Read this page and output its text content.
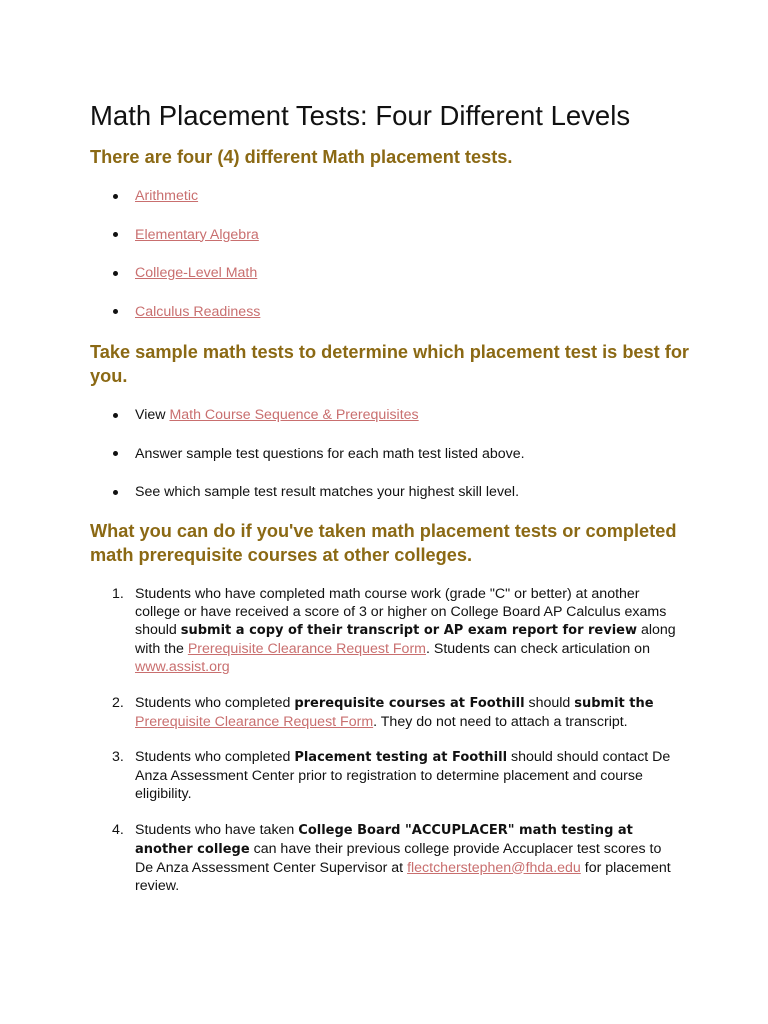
Math Placement Tests: Four Different Levels
There are four (4) different Math placement tests.
Arithmetic
Elementary Algebra
College-Level Math
Calculus Readiness
Take sample math tests to determine which placement test is best for you.
View Math Course Sequence & Prerequisites
Answer sample test questions for each math test listed above.
See which sample test result matches your highest skill level.
What you can do if you've taken math placement tests or completed math prerequisite courses at other colleges.
1. Students who have completed math course work (grade "C" or better) at another college or have received a score of 3 or higher on College Board AP Calculus exams should submit a copy of their transcript or AP exam report for review along with the Prerequisite Clearance Request Form. Students can check articulation on www.assist.org
2. Students who completed prerequisite courses at Foothill should submit the Prerequisite Clearance Request Form. They do not need to attach a transcript.
3. Students who completed Placement testing at Foothill should should contact De Anza Assessment Center prior to registration to determine placement and course eligibility.
4. Students who have taken College Board "ACCUPLACER" math testing at another college can have their previous college provide Accuplacer test scores to De Anza Assessment Center Supervisor at flectcherstephen@fhda.edu for placement review.
